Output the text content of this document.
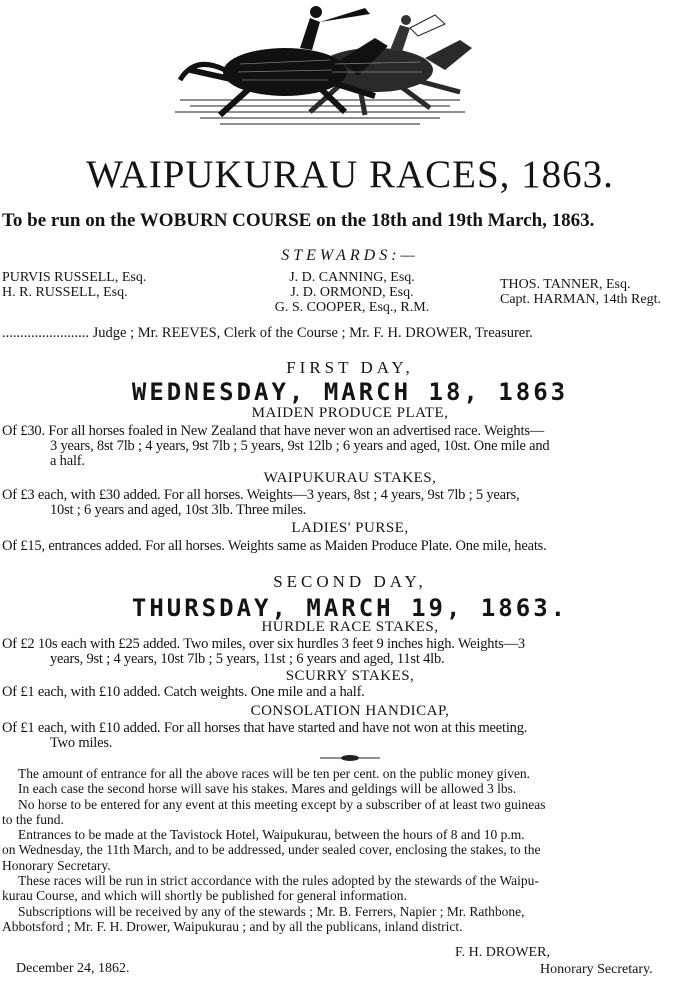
WAIPUKURAU RACES, 1863.
To be run on the WOBURN COURSE on the 18th and 19th March, 1863.
STEWARDS:—
PURVIS RUSSELL, Esq.
H. R. RUSSELL, Esq.
J. D. CANNING, Esq.
J. D. ORMOND, Esq.
G. S. COOPER, Esq., R.M.
THOS. TANNER, Esq.
Capt. HARMAN, 14th Regt.
........................ Judge ; Mr. REEVES, Clerk of the Course ; Mr. F. H. DROWER, Treasurer.
FIRST DAY,
WEDNESDAY, MARCH 18, 1863
MAIDEN PRODUCE PLATE,
Of £30. For all horses foaled in New Zealand that have never won an advertised race. Weights—
3 years, 8st 7lb ; 4 years, 9st 7lb ; 5 years, 9st 12lb ; 6 years and aged, 10st. One mile and
a half.
WAIPUKURAU STAKES,
Of £3 each, with £30 added. For all horses. Weights—3 years, 8st ; 4 years, 9st 7lb ; 5 years,
10st ; 6 years and aged, 10st 3lb. Three miles.
LADIES' PURSE,
Of £15, entrances added. For all horses. Weights same as Maiden Produce Plate. One mile, heats.
SECOND DAY,
THURSDAY, MARCH 19, 1863.
HURDLE RACE STAKES,
Of £2 10s each with £25 added. Two miles, over six hurdles 3 feet 9 inches high. Weights—3
years, 9st ; 4 years, 10st 7lb ; 5 years, 11st ; 6 years and aged, 11st 4lb.
SCURRY STAKES,
Of £1 each, with £10 added. Catch weights. One mile and a half.
CONSOLATION HANDICAP,
Of £1 each, with £10 added. For all horses that have started and have not won at this meeting.
Two miles.
The amount of entrance for all the above races will be ten per cent. on the public money given.
In each case the second horse will save his stakes. Mares and geldings will be allowed 3 lbs.
No horse to be entered for any event at this meeting except by a subscriber of at least two guineas
to the fund.
Entrances to be made at the Tavistock Hotel, Waipukurau, between the hours of 8 and 10 p.m.
on Wednesday, the 11th March, and to be addressed, under sealed cover, enclosing the stakes, to the
Honorary Secretary.
These races will be run in strict accordance with the rules adopted by the stewards of the Waipu-
kurau Course, and which will shortly be published for general information.
Subscriptions will be received by any of the stewards ; Mr. B. Ferrers, Napier ; Mr. Rathbone,
Abbotsford ; Mr. F. H. Drower, Waipukurau ; and by all the publicans, inland district.
December 24, 1862.
F. H. DROWER,
Honorary Secretary.
